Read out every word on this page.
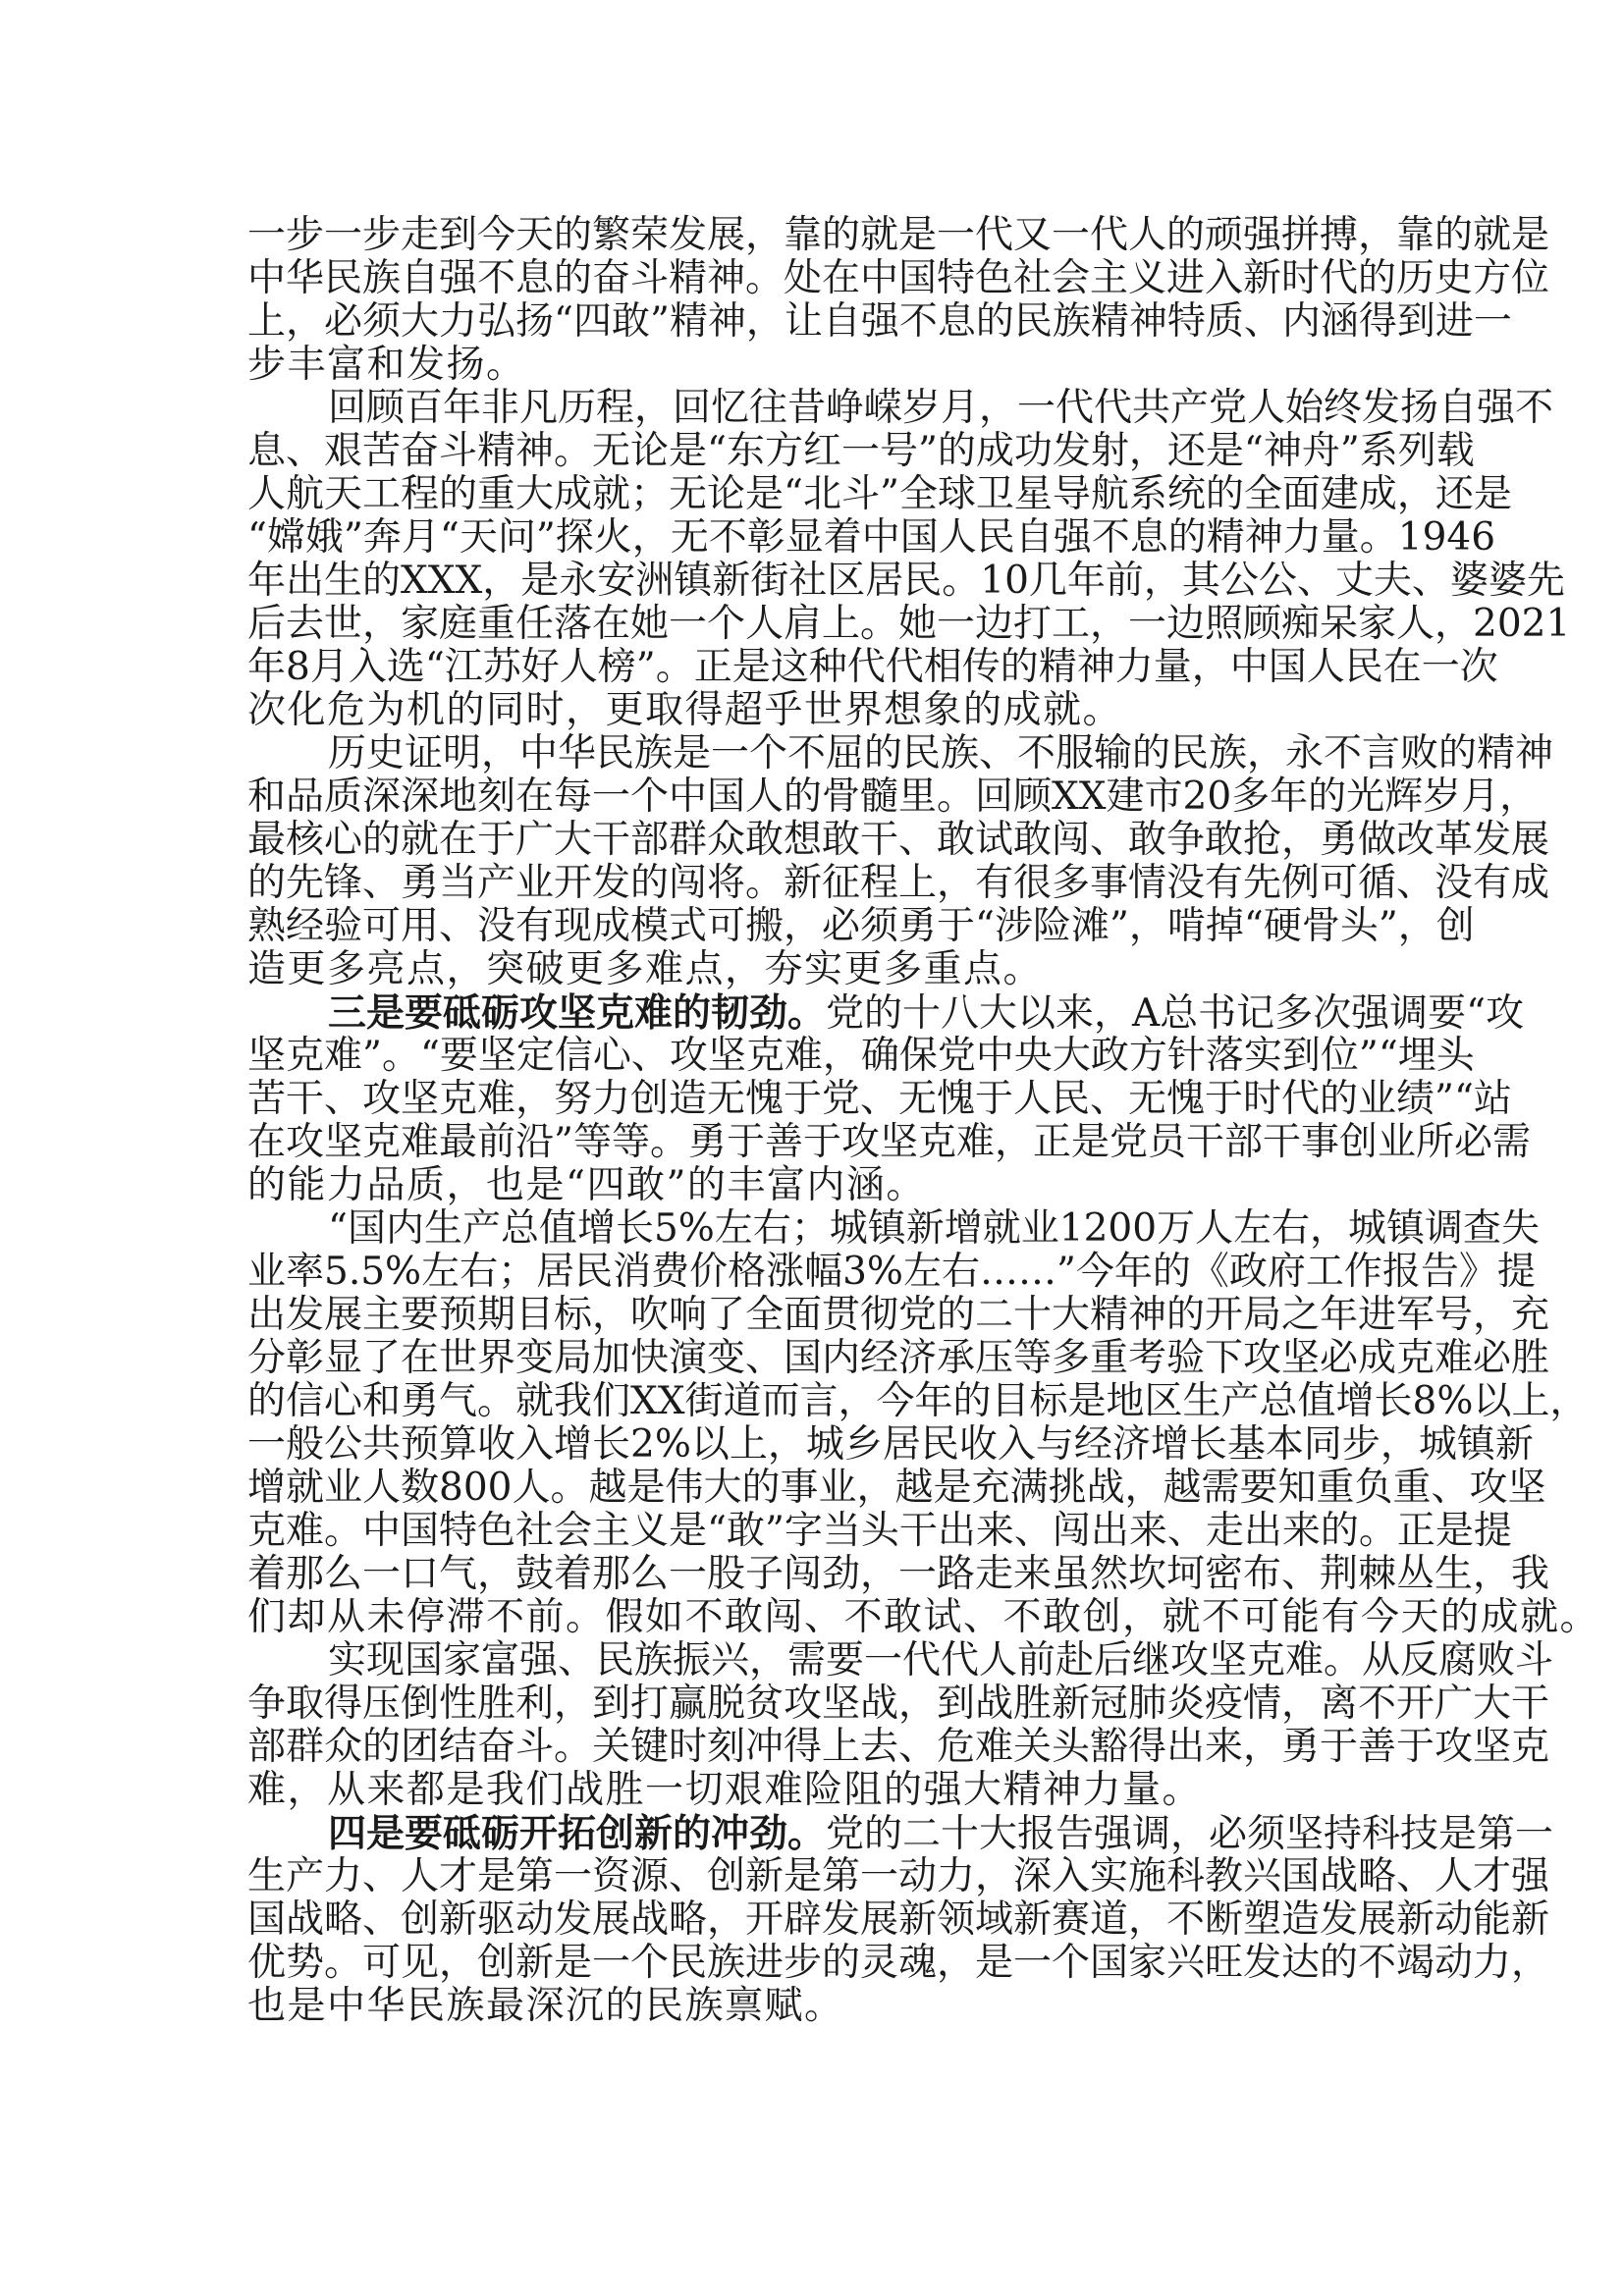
一步一步走到今天的繁荣发展，靠的就是一代又一代人的顽强拼搏，靠的就是
中华民族自强不息的奋斗精神。处在中国特色社会主义进入新时代的历史方位
上，必须大力弘扬“四敢”精神，让自强不息的民族精神特质、内涵得到进一
步丰富和发扬。
回顾百年非凡历程，回忆往昔峥嵘岁月，一代代共产党人始终发扬自强不
息、艰苦奋斗精神。无论是“东方红一号”的成功发射，还是“神舟”系列载
人航天工程的重大成就；无论是“北斗”全球卫星导航系统的全面建成，还是
“嫦娥”奔月“天问”探火，无不彰显着中国人民自强不息的精神力量。1946
年出生的XXX，是永安洲镇新街社区居民。10几年前，其公公、丈夫、婆婆先
后去世，家庭重任落在她一个人肩上。她一边打工，一边照顾痴呆家人，2021
年8月入选“江苏好人榜”。正是这种代代相传的精神力量，中国人民在一次
次化危为机的同时，更取得超乎世界想象的成就。
历史证明，中华民族是一个不屈的民族、不服输的民族，永不言败的精神
和品质深深地刻在每一个中国人的骨髓里。回顾XX建市20多年的光辉岁月，
最核心的就在于广大干部群众敢想敢干、敢试敢闯、敢争敢抢，勇做改革发展
的先锋、勇当产业开发的闯将。新征程上，有很多事情没有先例可循、没有成
熟经验可用、没有现成模式可搬，必须勇于“涉险滩”，啃掉“硬骨头”，创
造更多亮点，突破更多难点，夯实更多重点。
三是要砥砺攻坚克难的韧劲。党的十八大以来，A总书记多次强调要“攻
坚克难”。“要坚定信心、攻坚克难，确保党中央大政方针落实到位”“埋头
苦干、攻坚克难，努力创造无愧于党、无愧于人民、无愧于时代的业绩”“站
在攻坚克难最前沿”等等。勇于善于攻坚克难，正是党员干部干事创业所必需
的能力品质，也是“四敢”的丰富内涵。
“国内生产总值增长5%左右；城镇新增就业1200万人左右，城镇调查失
业率5.5%左右；居民消费价格涨幅3%左右……”今年的《政府工作报告》提
出发展主要预期目标，吹响了全面贯彻党的二十大精神的开局之年进军号，充
分彰显了在世界变局加快演变、国内经济承压等多重考验下攻坚必成克难必胜
的信心和勇气。就我们XX街道而言，今年的目标是地区生产总值增长8%以上，
一般公共预算收入增长2%以上，城乡居民收入与经济增长基本同步，城镇新
增就业人数800人。越是伟大的事业，越是充满挑战，越需要知重负重、攻坚
克难。中国特色社会主义是“敢”字当头干出来、闯出来、走出来的。正是提
着那么一口气，鼓着那么一股子闯劲，一路走来虽然坎坷密布、荆棘丛生，我
们却从未停滞不前。假如不敢闯、不敢试、不敢创，就不可能有今天的成就。
实现国家富强、民族振兴，需要一代代人前赴后继攻坚克难。从反腐败斗
争取得压倒性胜利，到打赢脱贫攻坚战，到战胜新冠肺炎疫情，离不开广大干
部群众的团结奋斗。关键时刻冲得上去、危难关头豁得出来，勇于善于攻坚克
难，从来都是我们战胜一切艰难险阻的强大精神力量。
四是要砥砺开拓创新的冲劲。党的二十大报告强调，必须坚持科技是第一
生产力、人才是第一资源、创新是第一动力，深入实施科教兴国战略、人才强
国战略、创新驱动发展战略，开辟发展新领域新赛道，不断塑造发展新动能新
优势。可见，创新是一个民族进步的灵魂，是一个国家兴旺发达的不竭动力，
也是中华民族最深沉的民族禀赋。
